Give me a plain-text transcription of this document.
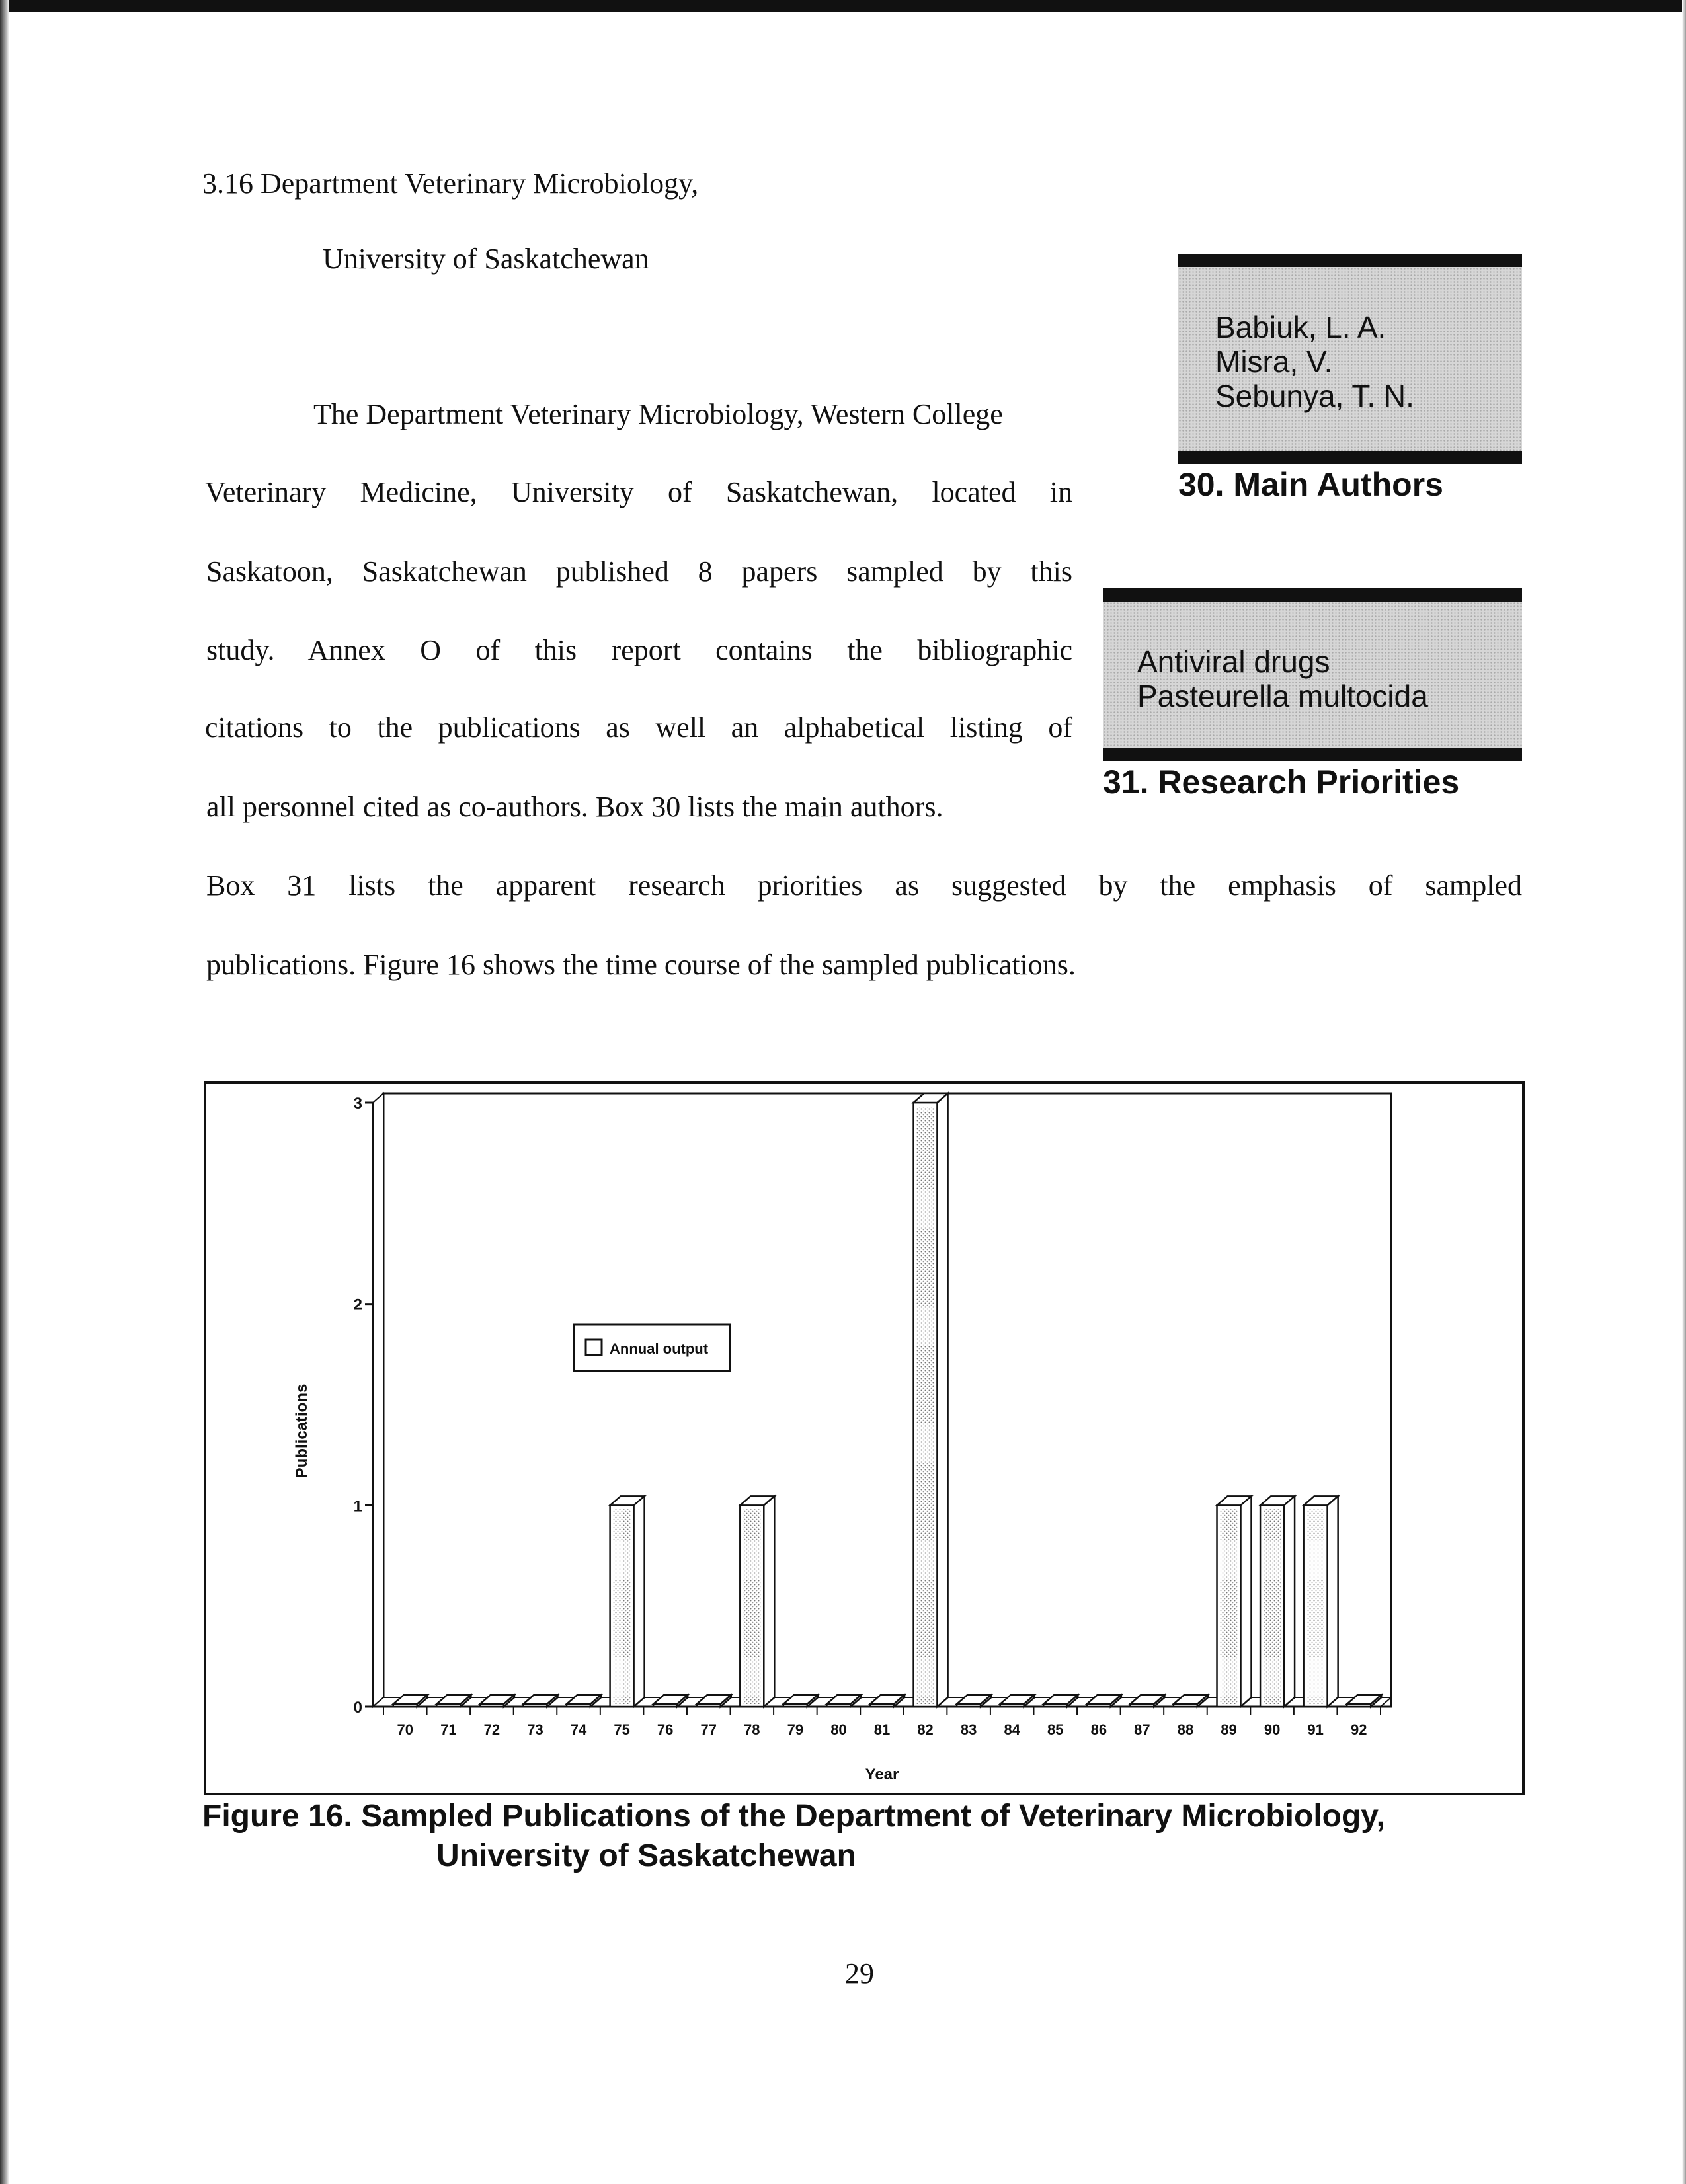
3.16 Department Veterinary Microbiology,
University of Saskatchewan
The Department Veterinary Microbiology, Western College
Veterinary Medicine, University of Saskatchewan, located in
Saskatoon, Saskatchewan published 8 papers sampled by this
study. Annex O of this report contains the bibliographic
citations to the publications as well an alphabetical listing of
all personnel cited as co-authors. Box 30 lists the main authors.
Box 31 lists the apparent research priorities as suggested by the emphasis of sampled
publications. Figure 16 shows the time course of the sampled publications.
Babiuk, L. A.
Misra, V.
Sebunya, T. N.
30. Main Authors
Antiviral drugs
Pasteurella multocida
31. Research Priorities
0
1
2
3
70 71 72 73 74 75 76 77 78 79 80 81 82 83 84 85 86 87 88 89 90 91 92
Year
Publications
Annual output
Figure 16. Sampled Publications of the Department of Veterinary Microbiology,
University of Saskatchewan
29
